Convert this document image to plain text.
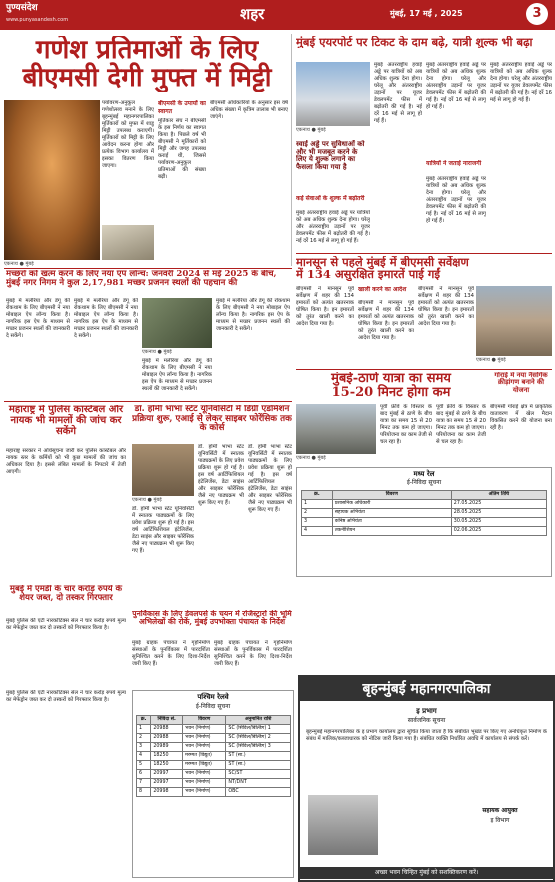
पुण्यसंदेश
www.punyasandesh.com	शहर	मुंबई, 17 मई , 2025	3
गणेश प्रतिमाओं के लिए
बीएमसी देगी मुफ्त में मिट्टी
एकनाथ ● मुंबई
पर्यावरण-अनुकूल गणेशोत्सव मनाने के लिए बृहन्मुंबई महानगरपालिका मूर्तिकारों को मुफ्त में शाडू मिट्टी उपलब्ध कराएगी। मूर्तिकारों को मिट्टी के लिए आवेदन करना होगा और प्रत्येक विभाग कार्यालय में इसका वितरण किया जाएगा।
बीएमसी के उपायों का स्वागत
मूर्तिकार संघ ने बीएमसी के इस निर्णय का स्वागत किया है। पिछले वर्ष भी बीएमसी ने मूर्तिकारों को मिट्टी और जगह उपलब्ध कराई थी, जिससे पर्यावरण-अनुकूल प्रतिमाओं की संख्या बढ़ी।
बीएमसी अधिकारियों के अनुसार इस वर्ष अधिक संख्या में कृत्रिम तालाब भी बनाए जाएंगे।
मुंबई एयरपोर्ट पर टिकट के दाम बढ़े, यात्री शुल्क भी बढ़ा
एकनाथ ● मुंबई
स्वाई अड्डे पर सुविधाओं को और भी मजबूत करने के लिए ये शुल्क लगाने का फैसला किया गया है
मुंबई अंतरराष्ट्रीय हवाई अड्डे पर यात्रियों को अब अधिक शुल्क देना होगा। घरेलू और अंतरराष्ट्रीय उड़ानों पर यूजर डेवलपमेंट फीस में बढ़ोतरी की गई है। नई दरें 16 मई से लागू हो गई हैं।
मुंबई अंतरराष्ट्रीय हवाई अड्डे पर यात्रियों को अब अधिक शुल्क देना होगा। घरेलू और अंतरराष्ट्रीय उड़ानों पर यूजर डेवलपमेंट फीस में बढ़ोतरी की गई है। नई दरें 16 मई से लागू हो गई हैं।
यात्रियों ने जताई नाराजगी
मुंबई अंतरराष्ट्रीय हवाई अड्डे पर यात्रियों को अब अधिक शुल्क देना होगा। घरेलू और अंतरराष्ट्रीय उड़ानों पर यूजर डेवलपमेंट फीस में बढ़ोतरी की गई है। नई दरें 16 मई से लागू हो गई हैं।
मुंबई अंतरराष्ट्रीय हवाई अड्डे पर यात्रियों को अब अधिक शुल्क देना होगा। घरेलू और अंतरराष्ट्रीय उड़ानों पर यूजर डेवलपमेंट फीस में बढ़ोतरी की गई है। नई दरें 16 मई से लागू हो गई हैं।
कई सेवाओं के शुल्क में बढ़ोतरी
मुंबई अंतरराष्ट्रीय हवाई अड्डे पर यात्रियों को अब अधिक शुल्क देना होगा। घरेलू और अंतरराष्ट्रीय उड़ानों पर यूजर डेवलपमेंट फीस में बढ़ोतरी की गई है। नई दरें 16 मई से लागू हो गई हैं।
मानसून से पहले मुंबई में बीएमसी सर्वेक्षण
में 134 असुरक्षित इमारतें पाई गईं
एकनाथ ● मुंबई
बीएमसी ने मानसून पूर्व सर्वेक्षण में शहर की 134 इमारतों को अत्यंत खतरनाक घोषित किया है। इन इमारतों को तुरंत खाली करने का आदेश दिया गया है।
खाली करने का आदेश
बीएमसी ने मानसून पूर्व सर्वेक्षण में शहर की 134 इमारतों को अत्यंत खतरनाक घोषित किया है। इन इमारतों को तुरंत खाली करने का आदेश दिया गया है।
बीएमसी ने मानसून पूर्व सर्वेक्षण में शहर की 134 इमारतों को अत्यंत खतरनाक घोषित किया है। इन इमारतों को तुरंत खाली करने का आदेश दिया गया है।
मच्छरों को खत्म करने के लिए नया एप लॉन्च: जनवरी 2024 से मई 2025 के बीच, मुंबई नगर निगम ने कुल 2,17,981 मच्छर प्रजनन स्थलों की पहचान की
मुंबई में मलेरिया और डेंगू की रोकथाम के लिए बीएमसी ने नया मोबाइल ऐप लॉन्च किया है। नागरिक इस ऐप के माध्यम से मच्छर प्रजनन स्थलों की जानकारी दे सकेंगे।
मुंबई में मलेरिया और डेंगू की रोकथाम के लिए बीएमसी ने नया मोबाइल ऐप लॉन्च किया है। नागरिक इस ऐप के माध्यम से मच्छर प्रजनन स्थलों की जानकारी दे सकेंगे।
एकनाथ ● मुंबई
मुंबई में मलेरिया और डेंगू की रोकथाम के लिए बीएमसी ने नया मोबाइल ऐप लॉन्च किया है। नागरिक इस ऐप के माध्यम से मच्छर प्रजनन स्थलों की जानकारी दे सकेंगे।
मुंबई में मलेरिया और डेंगू की रोकथाम के लिए बीएमसी ने नया मोबाइल ऐप लॉन्च किया है। नागरिक इस ऐप के माध्यम से मच्छर प्रजनन स्थलों की जानकारी दे सकेंगे।
महाराष्ट्र में पुलिस कांस्टेबल और नायक भी मामलों की जांच कर सकेंगे
महाराष्ट्र सरकार ने अधिसूचना जारी कर पुलिस कांस्टेबल और नायक स्तर के कर्मियों को भी कुछ मामलों की जांच का अधिकार दिया है। इससे लंबित मामलों के निपटारे में तेजी आएगी।
मुंबई में एमडी के चार करोड़ रुपये के शेयर जब्त, दो तस्कर गिरफ्तार
मुंबई पुलिस की एंटी नारकोटिक्स सेल ने चार करोड़ रुपये मूल्य का मेफेड्रोन जब्त कर दो तस्करों को गिरफ्तार किया है।
डॉ. होमी भाभा स्टेट यूनिवर्सिटी में डिग्री एडमिशन प्रक्रिया शुरू, एआई से लेकर साइबर फोरेंसिक तक के कोर्स
एकनाथ ● मुंबई
डॉ. होमी भाभा स्टेट यूनिवर्सिटी में स्नातक पाठ्यक्रमों के लिए प्रवेश प्रक्रिया शुरू हो गई है। इस वर्ष आर्टिफिशियल इंटेलिजेंस, डेटा साइंस और साइबर फोरेंसिक जैसे नए पाठ्यक्रम भी शुरू किए गए हैं।
डॉ. होमी भाभा स्टेट यूनिवर्सिटी में स्नातक पाठ्यक्रमों के लिए प्रवेश प्रक्रिया शुरू हो गई है। इस वर्ष आर्टिफिशियल इंटेलिजेंस, डेटा साइंस और साइबर फोरेंसिक जैसे नए पाठ्यक्रम भी शुरू किए गए हैं।
डॉ. होमी भाभा स्टेट यूनिवर्सिटी में स्नातक पाठ्यक्रमों के लिए प्रवेश प्रक्रिया शुरू हो गई है। इस वर्ष आर्टिफिशियल इंटेलिजेंस, डेटा साइंस और साइबर फोरेंसिक जैसे नए पाठ्यक्रम भी शुरू किए गए हैं।
पुनर्विकास के लिए डेवलपर्स के चयन में रजिस्ट्रारों की भूमि अभिलेखों की रोकें, मुंबई उपभोक्ता पंचायत के निर्देश
मुंबई ग्राहक पंचायत ने गृहनिर्माण संस्थाओं के पुनर्विकास में पारदर्शिता सुनिश्चित करने के लिए दिशा-निर्देश जारी किए हैं।
मुंबई ग्राहक पंचायत ने गृहनिर्माण संस्थाओं के पुनर्विकास में पारदर्शिता सुनिश्चित करने के लिए दिशा-निर्देश जारी किए हैं।
मुंबई-ठाणे यात्रा का समय
15-20 मिनट होगा कम
एकनाथ ● मुंबई
पूर्वी फ्रीवे के विस्तार के बाद मुंबई से ठाणे के बीच यात्रा का समय 15 से 20 मिनट तक कम हो जाएगा। परियोजना का काम तेजी से चल रहा है।
पूर्वी फ्रीवे के विस्तार के बाद मुंबई से ठाणे के बीच यात्रा का समय 15 से 20 मिनट तक कम हो जाएगा। परियोजना का काम तेजी से चल रहा है।
गोराई में नया नैसर्गिक क्रीड़ांगण बनाने की योजना
बीएमसी गोराई क्षेत्र में प्राकृतिक वातावरण में खेल मैदान विकसित करने की योजना बना रही है।
मध्य रेल
ई-निविदा सूचना
क्र.	विवरण	अंतिम तिथि
1	प्रशासनिक अधिकारी	27.05.2025
2	सहायक अभियंता	28.05.2025
3	कनिष्ठ अभियंता	30.05.2025
4	तकनीशियन	02.06.2025
पश्चिम रेलवे
ई-निविदा सूचना
क्र.	निविदा सं.	विवरण	अनुमानित राशि
1	20988	भवन (निर्माण)	SC (सिविल/बिल्डिंग) 1
2	20988	भवन (निर्माण)	SC (सिविल/बिल्डिंग) 2
3	20989	भवन (निर्माण)	SC (सिविल/बिल्डिंग) 3
4	18250	मरम्मत (विद्युत)	ST (सा.)
5	18250	मरम्मत (विद्युत)	ST (सा.)
6	20997	भवन (निर्माण)	SC/ST
7	20997	भवन (निर्माण)	NT/DNT
8	20998	भवन (निर्माण)	OBC
मुंबई पुलिस की एंटी नारकोटिक्स सेल ने चार करोड़ रुपये मूल्य का मेफेड्रोन जब्त कर दो तस्करों को गिरफ्तार किया है।
बृहन्मुंबई महानगरपालिका
इ प्रभाग
सार्वजनिक सूचना
बृहन्मुंबई महानगरपालिका के इ प्रभाग कार्यालय द्वारा सूचित किया जाता है कि संबंधित भूखंड पर किए गए अनधिकृत निर्माण के संबंध में मालिक/कब्जाधारक को नोटिस जारी किया गया है। संबंधित व्यक्ति निर्धारित अवधि में कार्यालय से संपर्क करें।
सहायक आयुक्त
इ विभाग
अच्छा भवन चिन्हित मुंबई को सशक्तिकरण करें।
